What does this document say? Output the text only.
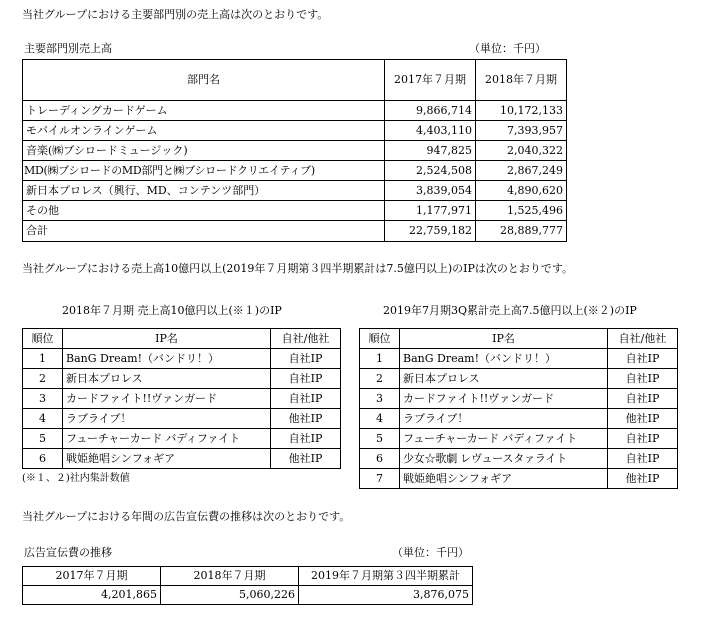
当社グループにおける主要部門別の売上高は次のとおりです。
主要部門別売上高	（単位：千円）
部門名	2017年７月期	2018年７月期
トレーディングカードゲーム	9,866,714	10,172,133
モバイルオンラインゲーム	4,403,110	7,393,957
音楽(㈱ブシロードミュージック)	947,825	2,040,322
MD(㈱ブシロードのMD部門と㈱ブシロードクリエイティブ)	2,524,508	2,867,249
新日本プロレス（興行、MD、コンテンツ部門）	3,839,054	4,890,620
その他	1,177,971	1,525,496
合計	22,759,182	28,889,777
当社グループにおける売上高10億円以上(2019年７月期第３四半期累計は7.5億円以上)のIPは次のとおりです。
2018年７月期 売上高10億円以上(※１)のIP
順位	IP名	自社/他社
1	BanG Dream!（バンドリ！）	自社IP
2	新日本プロレス	自社IP
3	カードファイト!!ヴァンガード	自社IP
4	ラブライブ！	他社IP
5	フューチャーカード バディファイト	自社IP
6	戦姫絶唱シンフォギア	他社IP
(※１、２)社内集計数値
2019年7月期3Q累計売上高7.5億円以上(※２)のIP
順位	IP名	自社/他社
1	BanG Dream!（バンドリ！）	自社IP
2	新日本プロレス	自社IP
3	カードファイト!!ヴァンガード	自社IP
4	ラブライブ！	他社IP
5	フューチャーカード バディファイト	自社IP
6	少女☆歌劇 レヴュースタァライト	自社IP
7	戦姫絶唱シンフォギア	他社IP
当社グループにおける年間の広告宣伝費の推移は次のとおりです。
広告宣伝費の推移	（単位：千円）
2017年７月期	2018年７月期	2019年７月期第３四半期累計
4,201,865	5,060,226	3,876,075
